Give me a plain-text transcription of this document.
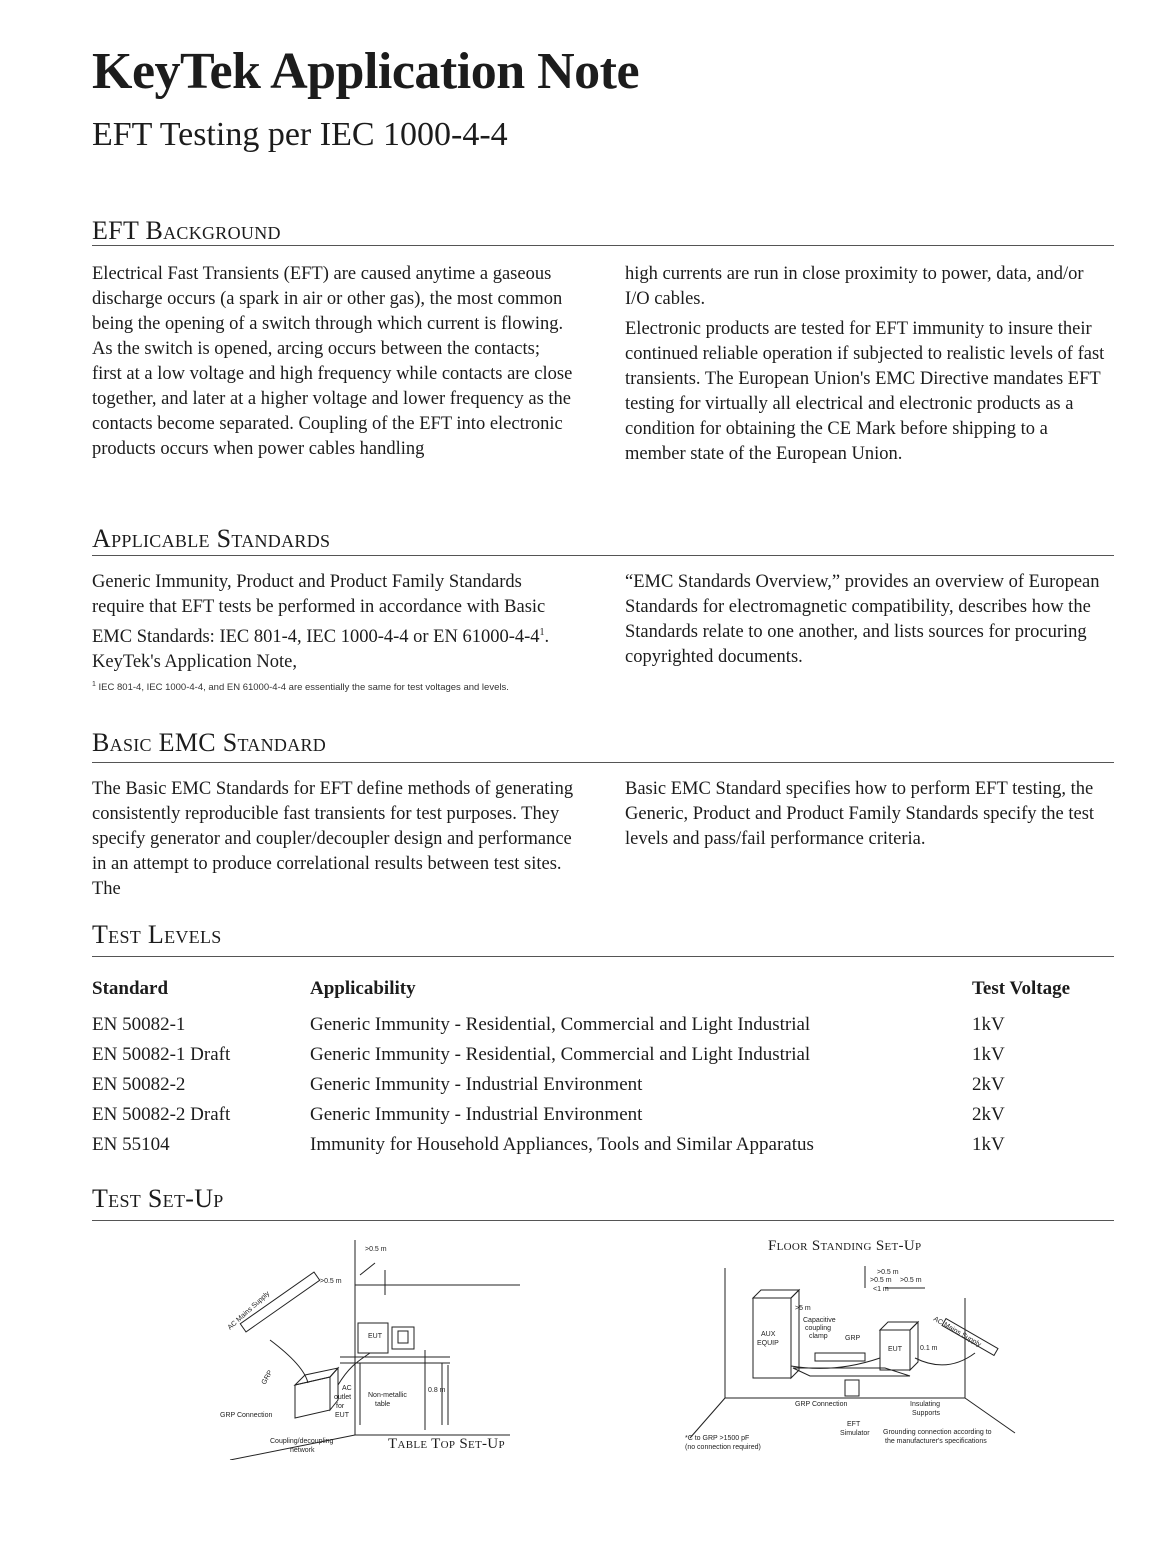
KeyTek Application Note
EFT Testing per IEC 1000-4-4
EFT Background

Electrical Fast Transients (EFT) are caused anytime a gaseous discharge occurs (a spark in air or other gas), the most common being the opening of a switch through which current is flowing. As the switch is opened, arcing occurs between the contacts; first at a low voltage and high frequency while contacts are close together, and later at a higher voltage and lower frequency as the contacts become separated. Coupling of the EFT into electronic products occurs when power cables handling

high currents are run in close proximity to power, data, and/or I/O cables.

Electronic products are tested for EFT immunity to insure their continued reliable operation if subjected to realistic levels of fast transients. The European Union's EMC Directive mandates EFT testing for virtually all electrical and electronic products as a condition for obtaining the CE Mark before shipping to a member state of the European Union.

Applicable Standards

Generic Immunity, Product and Product Family Standards require that EFT tests be performed in accordance with Basic EMC Standards: IEC 801-4, IEC 1000-4-4 or EN $61000-4-4^1$. KeyTek's Application Note,

$^1$ IEC 801-4, IEC 1000-4-4, and EN 61000-4-4 are essentially the same for test voltages and levels.

“EMC Standards Overview,” provides an overview of European Standards for electromagnetic compatibility, describes how the Standards relate to one another, and lists sources for procuring copyrighted documents.

Basic EMC Standard

The Basic EMC Standards for EFT define methods of generating consistently reproducible fast transients for test purposes. They specify generator and coupler/decoupler design and performance in an attempt to produce correlational results between test sites. The

Basic EMC Standard specifies how to perform EFT testing, the Generic, Product and Product Family Standards specify the test levels and pass/fail performance criteria.

Test Levels
Standard	Applicability	Test Voltage
EN 50082-1	Generic Immunity - Residential, Commercial and Light Industrial	1kV
EN 50082-1 Draft	Generic Immunity - Residential, Commercial and Light Industrial	1kV
EN 50082-2	Generic Immunity - Industrial Environment	2kV
EN 50082-2 Draft	Generic Immunity - Industrial Environment	2kV
EN 55104	Immunity for Household Appliances, Tools and Similar Apparatus	1kV
Test Set-Up
>0.5 m
>0.5 m
AC Mains Supply
EUT
GRP
GRP Connection
AC
outlet
for
EUT
Non-metallic
table
0.8 m
Coupling/decoupling
network	Table Top Set-Up
Floor Standing Set-Up
>0.5 m
<1 m
>0.5 m
>0.5 m
>5 m
0.1 m
AUX
EQUIP
EUT
GRP
Capacitive
coupling
clamp	AC Mains Supply
GRP Connection
EFT
Simulator
Insulating
Supports
*C to GRP >1500 pF
(no connection required)
Grounding connection according to
the manufacturer's specifications
